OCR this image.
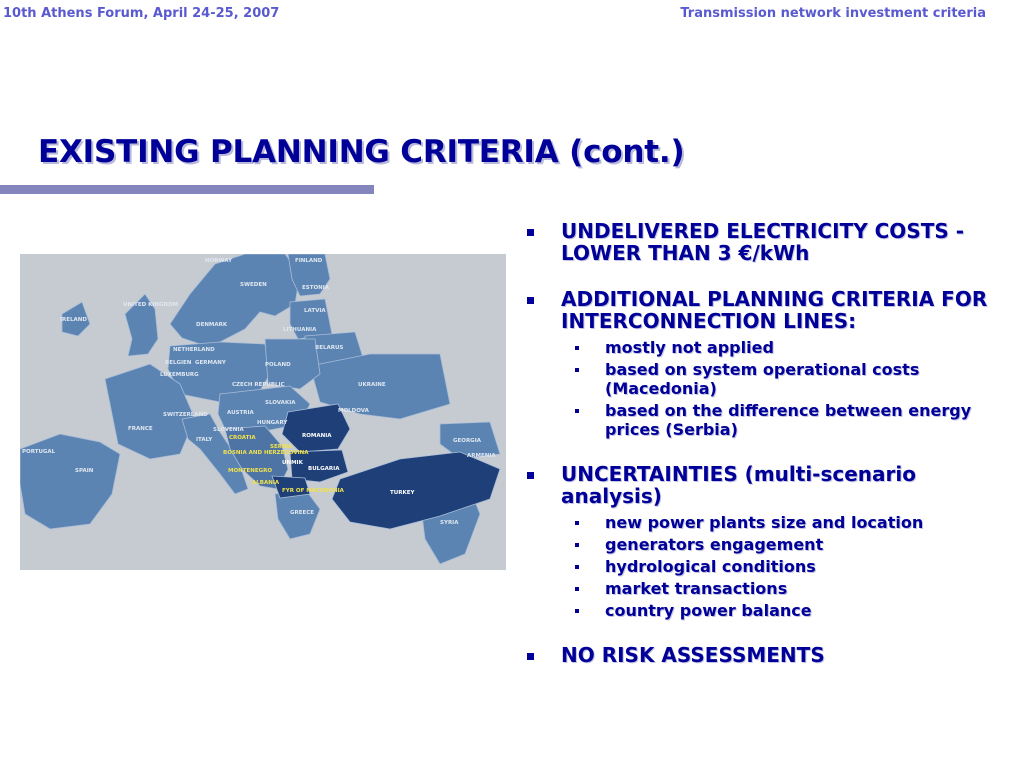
10th Athens Forum, April 24-25, 2007	Transmission network investment criteria
EXISTING PLANNING CRITERIA (cont.)
NORWAY	FINLAND
SWEDEN	ESTONIA
LATVIA
UNITED KINGDOM
IRELAND
DENMARK
LITHUANIA
BELARUS
NETHERLAND
BELGIEN GERMANY	POLAND
LUXEMBURG
UKRAINE
CZECH REPUBLIC
SLOVAKIA
MOLDOVA
AUSTRIA
HUNGARY
FRANCE
SWITZERLAND
SLOVENIA
CROATIA
ITALY
ROMANIA
SERBIA
BOSNIA AND HERZEGOVINA
PORTUGAL
SPAIN
UNMIK
BULGARIA
MONTENEGRO
ALBANIA
FYR OF MACEDONIA
GEORGIA
ARMENIA
TURKEY
GREECE
SYRIA
UNDELIVERED ELECTRICITY COSTS - LOWER THAN 3 €/kWh
ADDITIONAL PLANNING CRITERIA FOR INTERCONNECTION LINES:
mostly not applied
based on system operational costs (Macedonia)
based on the difference between energy prices (Serbia)
UNCERTAINTIES (multi-scenario analysis)
new power plants size and location
generators engagement
hydrological conditions
market transactions
country power balance
NO RISK ASSESSMENTS
